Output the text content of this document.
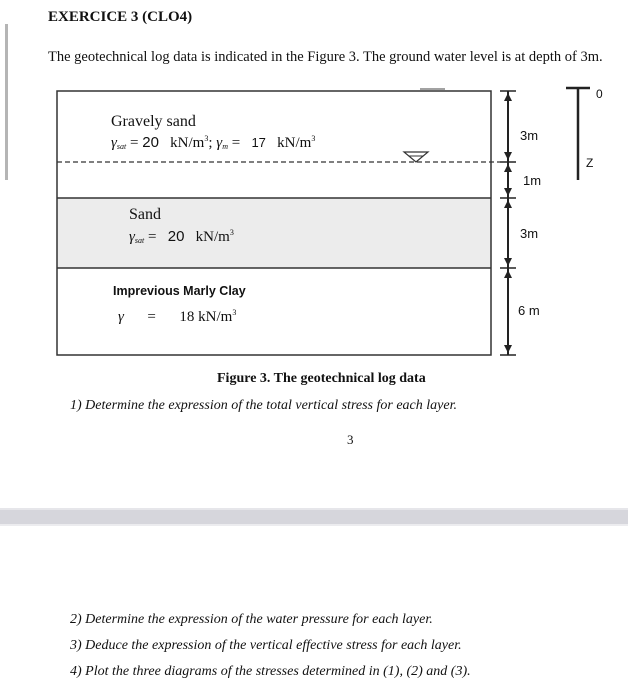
EXERCICE 3 (CLO4)
The geotechnical log data is indicated in the Figure 3. The ground water level is at depth of 3m.
Gravely sand
$\gamma_{sat} = 20$ $kN/m^3$; $\gamma_m = 17$ $kN/m^3$
Sand
$\gamma_{sat} = 20$ $kN/m^3$
Imprevious Marly Clay
γ = 18 $kN/m^3$
3m
1m
3m
6 m
0
Z
Figure 3. The geotechnical log data
1) Determine the expression of the total vertical stress for each layer.
3
2) Determine the expression of the water pressure for each layer.
3) Deduce the expression of the vertical effective stress for each layer.
4) Plot the three diagrams of the stresses determined in (1), (2) and (3).
